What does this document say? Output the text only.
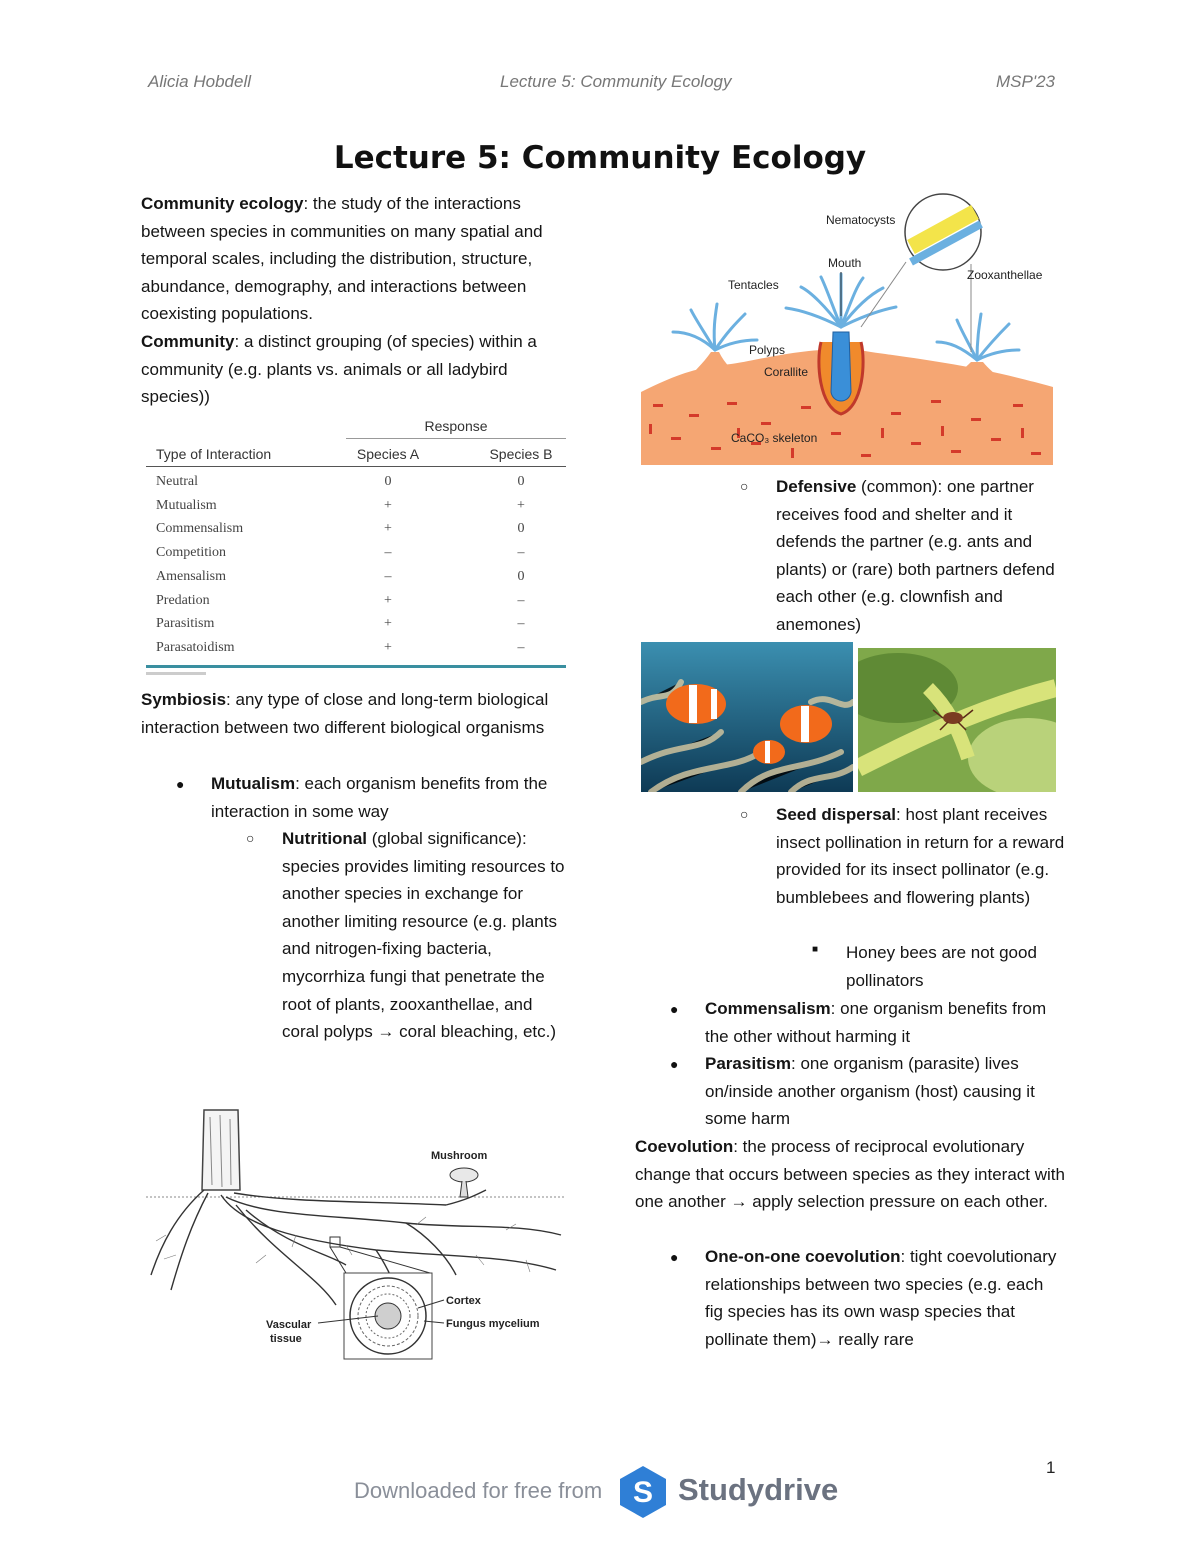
Alicia Hobdell	Lecture 5: Community Ecology	MSP'23
Lecture 5: Community Ecology
Community ecology: the study of the interactions between species in communities on many spatial and temporal scales, including the distribution, structure, abundance, demography, and interactions between coexisting populations.
Community: a distinct grouping (of species) within a community (e.g. plants vs. animals or all ladybird species))
Response
Type of Interaction	Species A	Species B
Neutral	0	0
Mutualism	+	+
Commensalism	+	0
Competition	–	–
Amensalism	–	0
Predation	+	–
Parasitism	+	–
Parasatoidism	+	–
Symbiosis: any type of close and long-term biological interaction between two different biological organisms
● Mutualism: each organism benefits from the interaction in some way
○ Nutritional (global significance): species provides limiting resources to another species in exchange for another limiting resource (e.g. plants and nitrogen-fixing bacteria, mycorrhiza fungi that penetrate the root of plants, zooxanthellae, and coral polyps → coral bleaching, etc.)
Mushroom
Cortex
Fungus mycelium
Vascular
tissue
Nematocysts
Mouth
Tentacles
Zooxanthellae
Polyps
Corallite
CaCO₃ skeleton
○ Defensive (common): one partner receives food and shelter and it defends the partner (e.g. ants and plants) or (rare) both partners defend each other (e.g. clownfish and anemones)
○ Seed dispersal: host plant receives insect pollination in return for a reward provided for its insect pollinator (e.g. bumblebees and flowering plants)
■ Honey bees are not good pollinators
● Commensalism: one organism benefits from the other without harming it
● Parasitism: one organism (parasite) lives on/inside another organism (host) causing it some harm
Coevolution: the process of reciprocal evolutionary change that occurs between species as they interact with one another → apply selection pressure on each other.
● One-on-one coevolution: tight coevolutionary relationships between two species (e.g. each fig species has its own wasp species that pollinate them)→ really rare
1
Downloaded for free from S Studydrive
